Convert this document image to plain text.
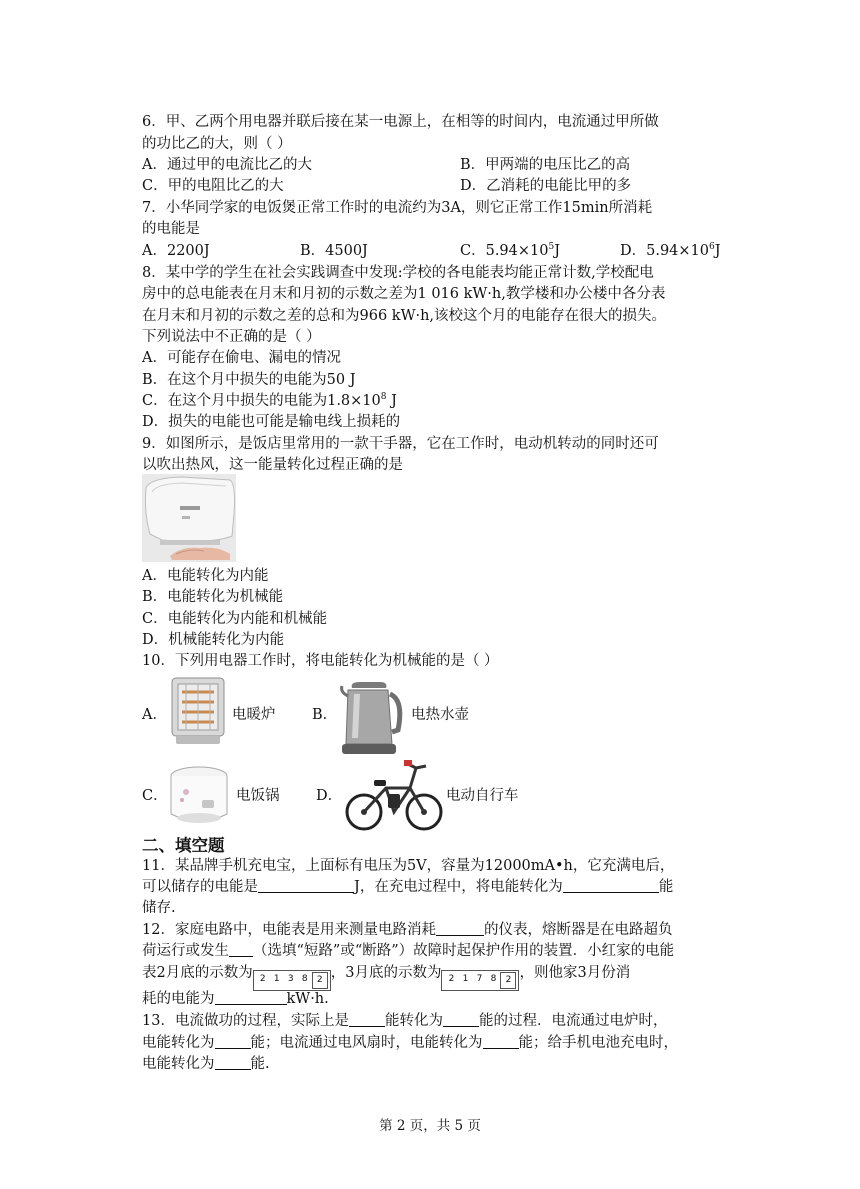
6．甲、乙两个用电器并联后接在某一电源上，在相等的时间内，电流通过甲所做
的功比乙的大，则（ ）
A．通过甲的电流比乙的大	B．甲两端的电压比乙的高
C．甲的电阻比乙的大	D．乙消耗的电能比甲的多
7．小华同学家的电饭煲正常工作时的电流约为3A，则它正常工作15min所消耗
的电能是
A．2200J	B．4500J	C．$5.94\times 10^5J$	D．$5.94\times 10^6J$
8．某中学的学生在社会实践调查中发现:学校的各电能表均能正常计数,学校配电
房中的总电能表在月末和月初的示数之差为1 016 kW·h,教学楼和办公楼中各分表
在月末和月初的示数之差的总和为966 kW·h,该校这个月的电能存在很大的损失。
下列说法中不正确的是（ ）
A．可能存在偷电、漏电的情况
B．在这个月中损失的电能为50 J
C．在这个月中损失的电能为$1.8\times 10^8$ J
D．损失的电能也可能是输电线上损耗的
9．如图所示，是饭店里常用的一款干手器，它在工作时，电动机转动的同时还可
以吹出热风，这一能量转化过程正确的是
A．电能转化为内能
B．电能转化为机械能
C．电能转化为内能和机械能
D．机械能转化为内能
10．下列用电器工作时，将电能转化为机械能的是（ ）
A．	电暖炉	B．	电热水壶
C．	电饭锅	D．	电动自行车
二、填空题
11．某品牌手机充电宝，上面标有电压为5V，容量为12000mA•h，它充满电后，
可以储存的电能是	J，在充电过程中，将电能转化为	能
储存.
12．家庭电路中，电能表是用来测量电路消耗	的仪表，熔断器是在电路超负
荷运行或发生 （选填“短路”或“断路”）故障时起保护作用的装置．小红家的电能
表2月底的示数为 2 1 3 8	2 ，3月底的示数为 2 1 7 8	2 ，则他家3月份消
耗的电能为	kW·h.
13．电流做功的过程，实际上是 能转化为 能的过程．电流通过电炉时，
电能转化为 能；电流通过电风扇时，电能转化为 能；给手机电池充电时，
电能转化为 能.
第 2 页，共 5 页
